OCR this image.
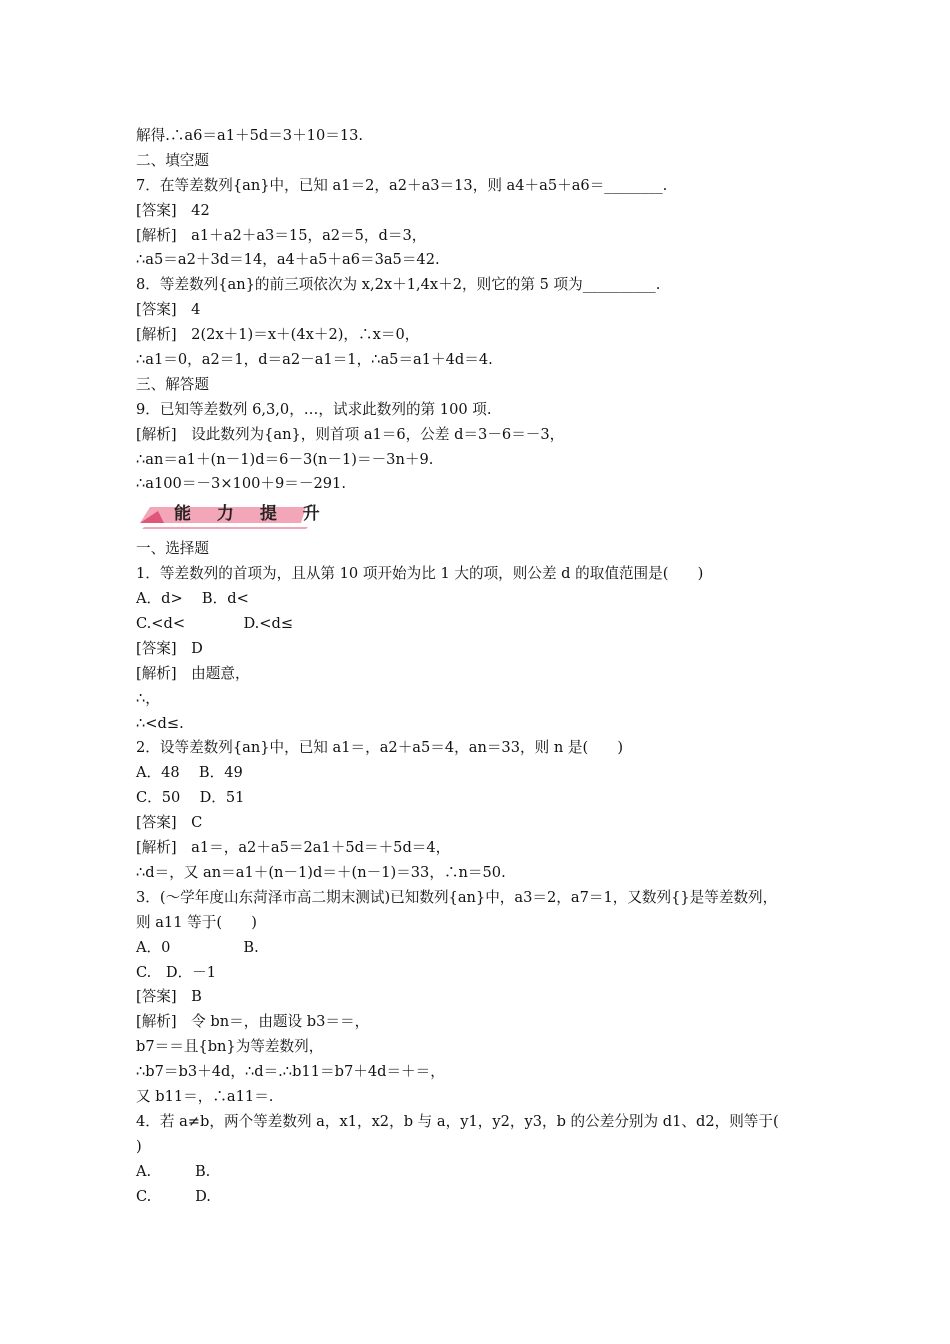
解得.∴a6＝a1＋5d＝3＋10＝13.
二、填空题
7．在等差数列{an}中，已知 a1＝2，a2＋a3＝13，则 a4＋a5＋a6＝________.
[答案]　42
[解析]　a1＋a2＋a3＝15，a2＝5，d＝3，
∴a5＝a2＋3d＝14，a4＋a5＋a6＝3a5＝42.
8．等差数列{an}的前三项依次为 x,2x＋1,4x＋2，则它的第 5 项为__________.
[答案]　4
[解析]　2(2x＋1)＝x＋(4x＋2)，∴x＝0，
∴a1＝0，a2＝1，d＝a2－a1＝1，∴a5＝a1＋4d＝4.
三、解答题
9．已知等差数列 6,3,0，…，试求此数列的第 100 项.
[解析]　设此数列为{an}，则首项 a1＝6，公差 d＝3－6＝－3，
∴an＝a1＋(n－1)d＝6－3(n－1)＝－3n＋9.
∴a100＝－3×100＋9＝－291.
能 力 提 升
一、选择题
1．等差数列的首项为，且从第 10 项开始为比 1 大的项，则公差 d 的取值范围是(　　)
A．d>　 B．d<
C.<d<　　　　D.<d≤
[答案]　D
[解析]　由题意，
∴，
∴<d≤.
2．设等差数列{an}中，已知 a1＝，a2＋a5＝4，an＝33，则 n 是(　　)
A．48　 B．49
C．50　 D．51
[答案]　C
[解析]　a1＝，a2＋a5＝2a1＋5d＝＋5d＝4，
∴d＝，又 an＝a1＋(n－1)d＝＋(n－1)＝33，∴n＝50.
3．(～学年度山东菏泽市高二期末测试)已知数列{an}中，a3＝2，a7＝1，又数列{}是等差数列，
则 a11 等于(　　)
A．0　　　　　B.
C.　D．－1
[答案]　B
[解析]　令 bn＝，由题设 b3＝＝，
b7＝＝且{bn}为等差数列，
∴b7＝b3＋4d，∴d＝.∴b11＝b7＋4d＝＋＝，
又 b11＝，∴a11＝.
4．若 a≠b，两个等差数列 a，x1，x2，b 与 a，y1，y2，y3，b 的公差分别为 d1、d2，则等于(
)
A.　　　B.
C.　　　D.
